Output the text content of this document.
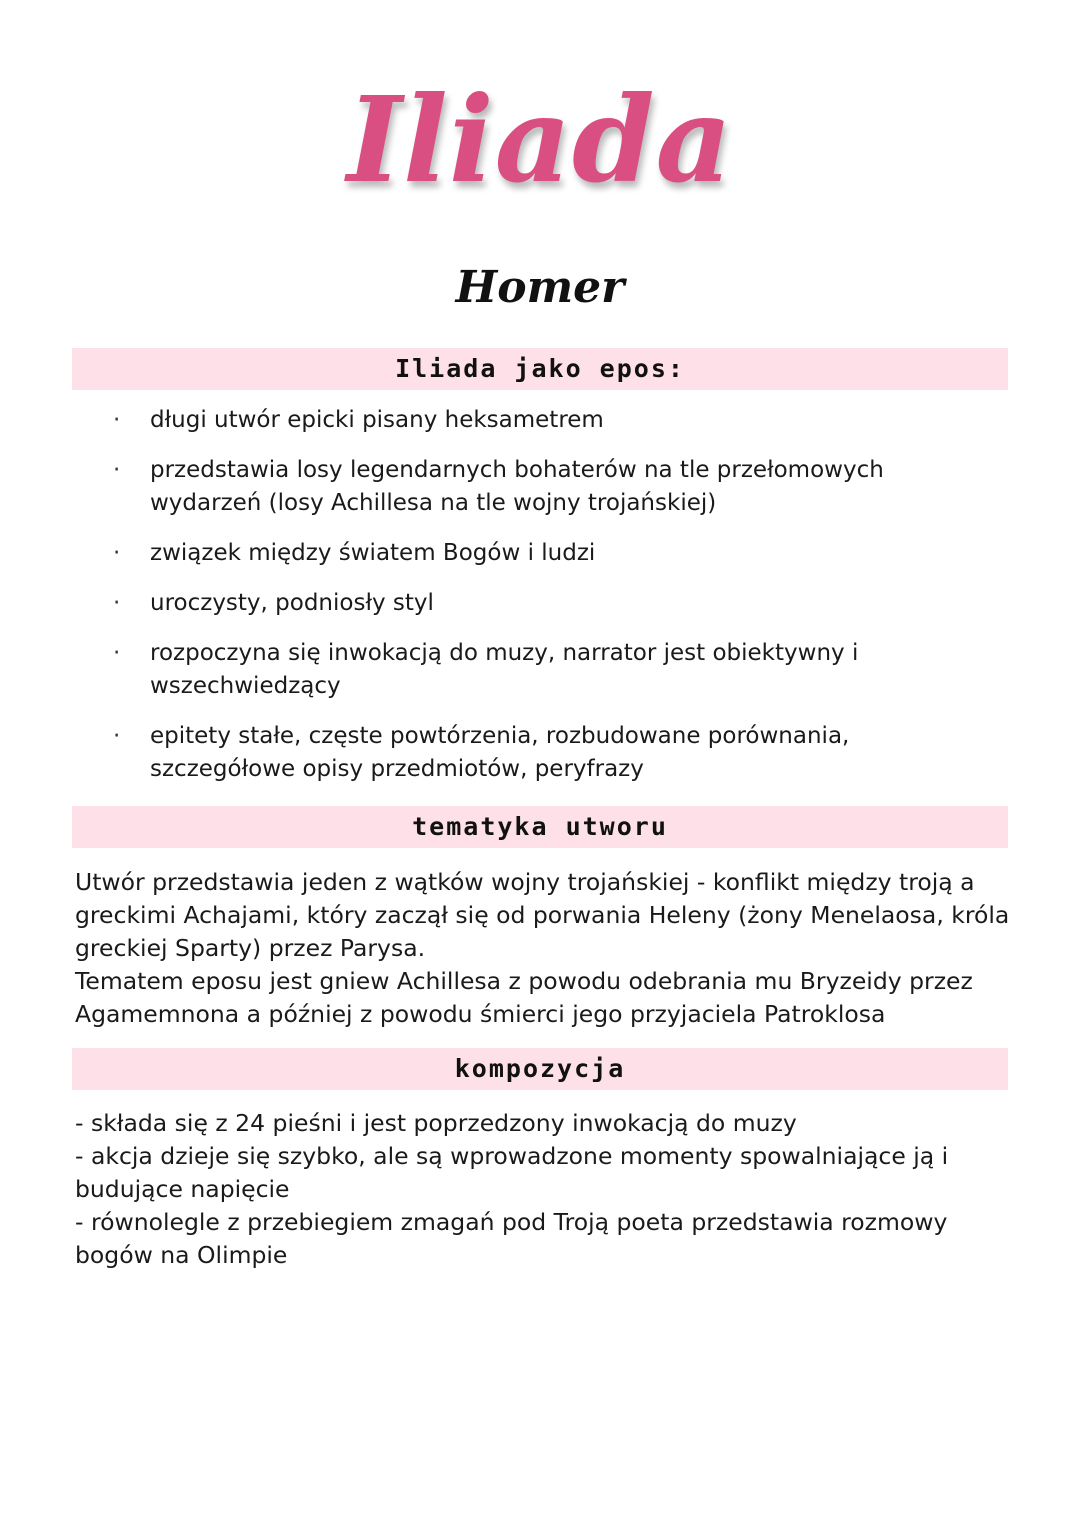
Iliada
Homer
Iliada jako epos:
· długi utwór epicki pisany heksametrem
· przedstawia losy legendarnych bohaterów na tle przełomowych wydarzeń (losy Achillesa na tle wojny trojańskiej)
· związek między światem Bogów i ludzi
· uroczysty, podniosły styl
· rozpoczyna się inwokacją do muzy, narrator jest obiektywny i wszechwiedzący
· epitety stałe, częste powtórzenia, rozbudowane porównania, szczegółowe opisy przedmiotów, peryfrazy
tematyka utworu

Utwór przedstawia jeden z wątków wojny trojańskiej - konflikt między troją a greckimi Achajami, który zaczął się od porwania Heleny (żony Menelaosa, króla greckiej Sparty) przez Parysa.

Tematem eposu jest gniew Achillesa z powodu odebrania mu Bryzeidy przez Agamemnona a później z powodu śmierci jego przyjaciela Patroklosa

kompozycja

- składa się z 24 pieśni i jest poprzedzony inwokacją do muzy

- akcja dzieje się szybko, ale są wprowadzone momenty spowalniające ją i budujące napięcie

- równolegle z przebiegiem zmagań pod Troją poeta przedstawia rozmowy bogów na Olimpie
